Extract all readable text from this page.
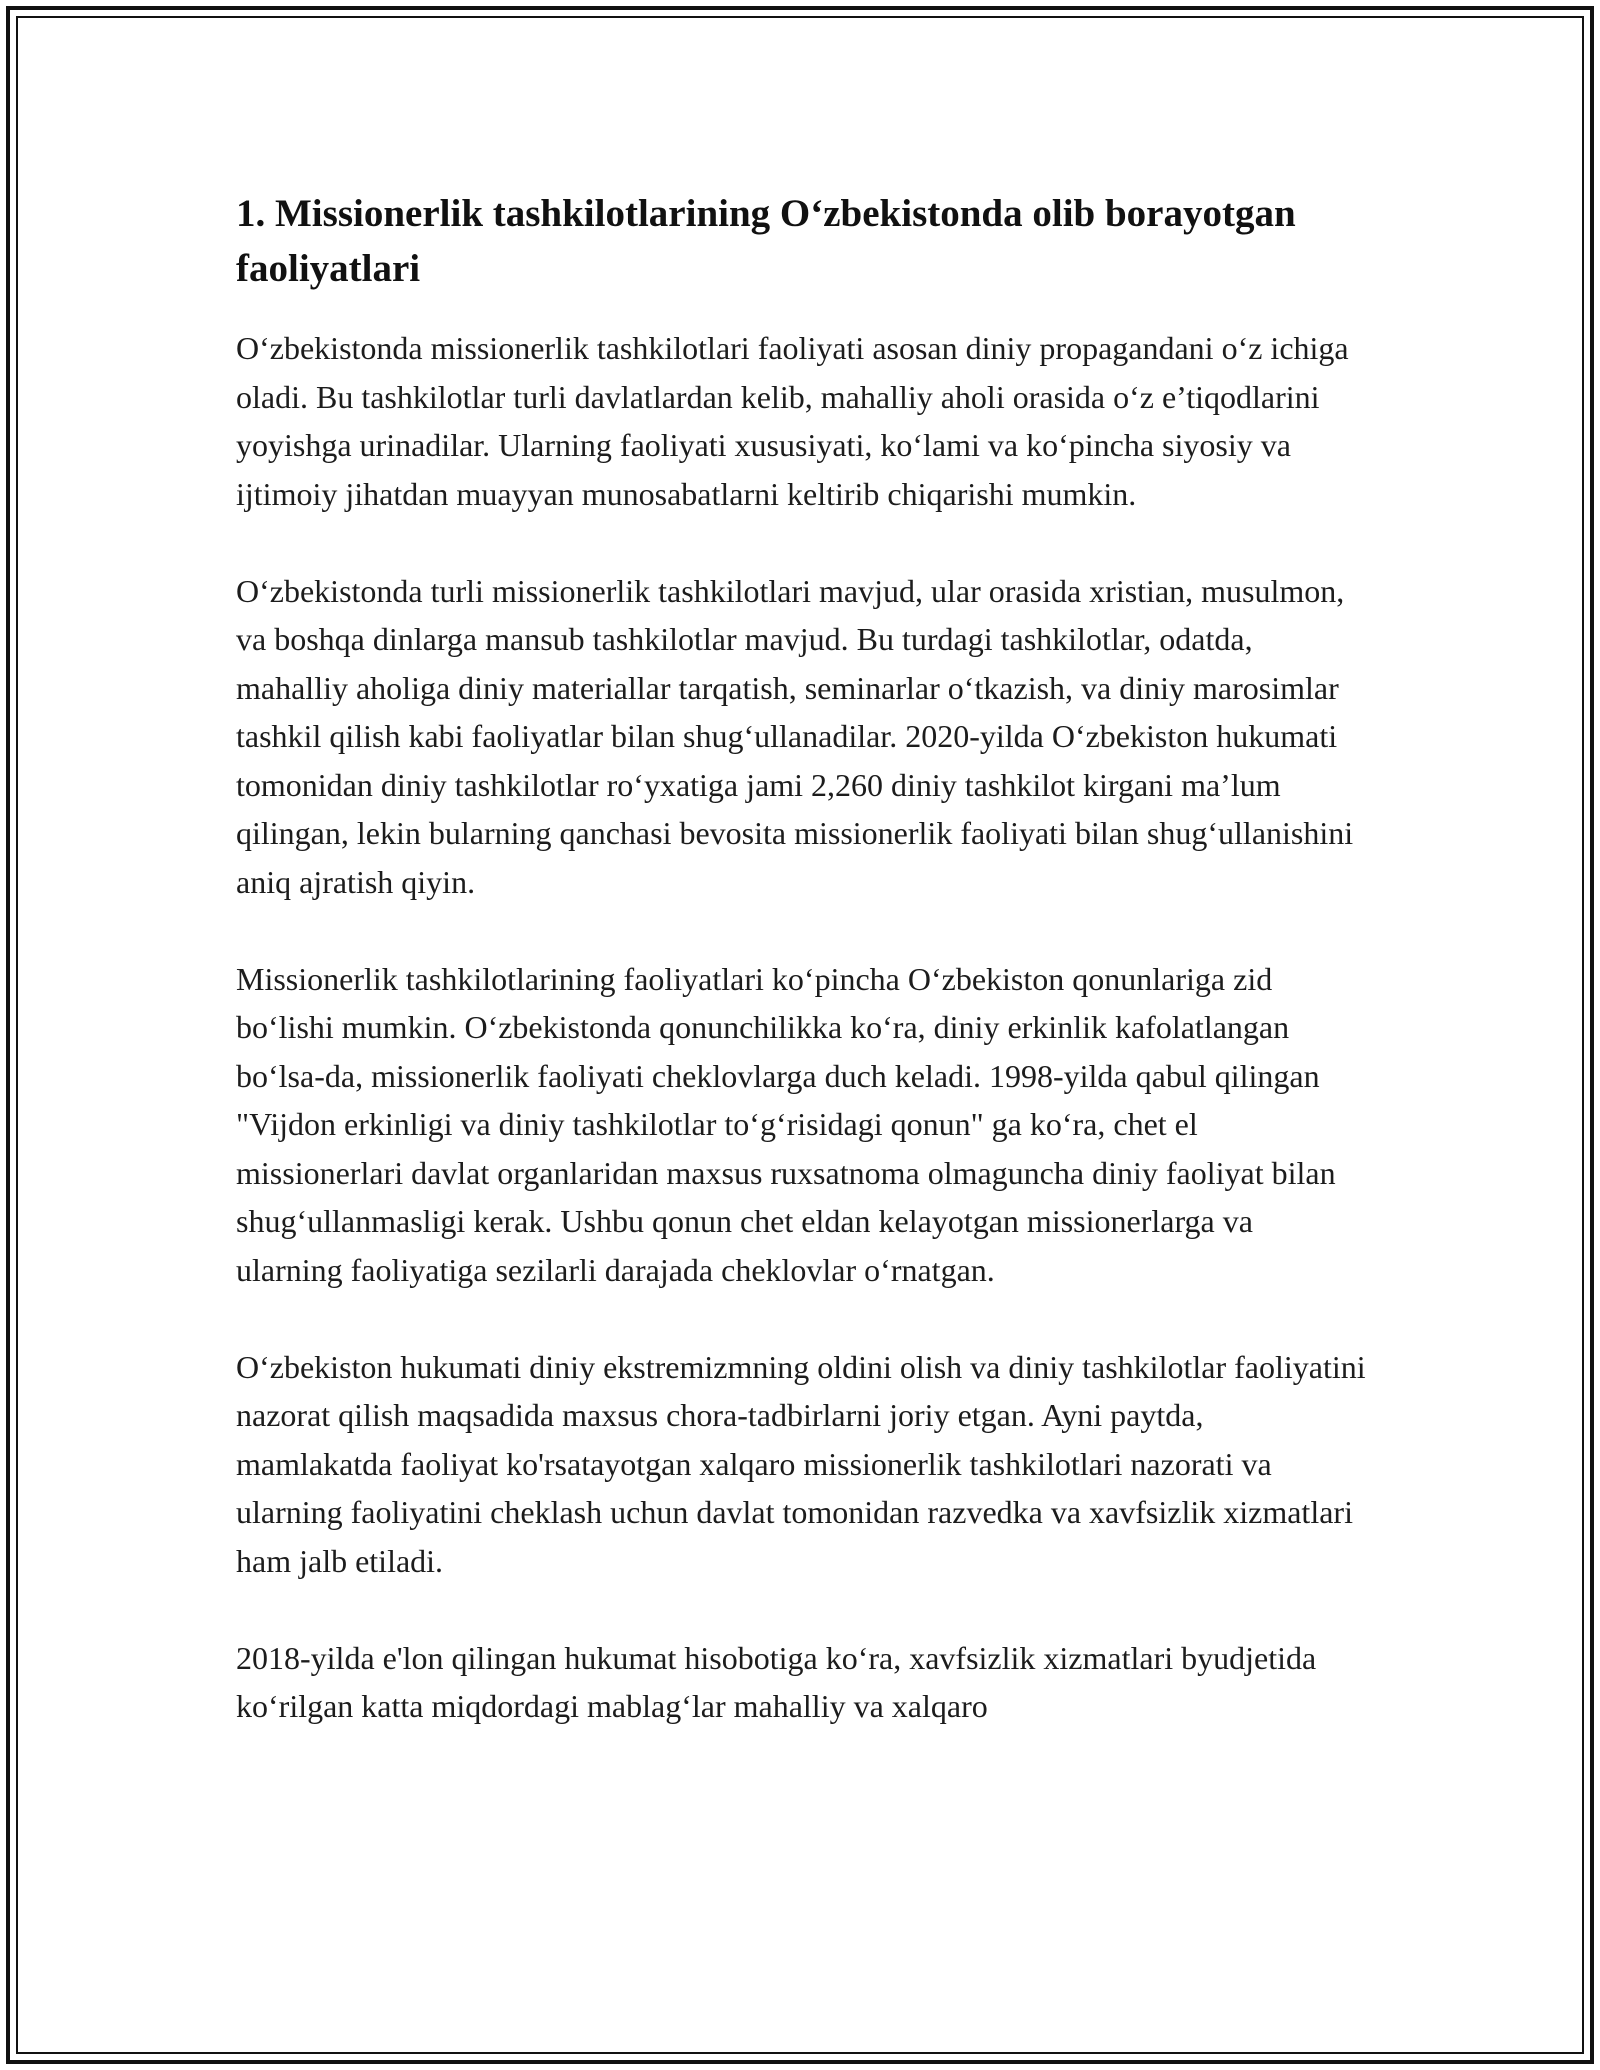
1. Missionerlik tashkilotlarining O‘zbekistonda olib borayotgan faoliyatlari

O‘zbekistonda missionerlik tashkilotlari faoliyati asosan diniy propagandani o‘z ichiga oladi. Bu tashkilotlar turli davlatlardan kelib, mahalliy aholi orasida o‘z e’tiqodlarini yoyishga urinadilar. Ularning faoliyati xususiyati, ko‘lami va ko‘pincha siyosiy va ijtimoiy jihatdan muayyan munosabatlarni keltirib chiqarishi mumkin.

O‘zbekistonda turli missionerlik tashkilotlari mavjud, ular orasida xristian, musulmon, va boshqa dinlarga mansub tashkilotlar mavjud. Bu turdagi tashkilotlar, odatda, mahalliy aholiga diniy materiallar tarqatish, seminarlar o‘tkazish, va diniy marosimlar tashkil qilish kabi faoliyatlar bilan shug‘ullanadilar. 2020-yilda O‘zbekiston hukumati tomonidan diniy tashkilotlar ro‘yxatiga jami 2,260 diniy tashkilot kirgani ma’lum qilingan, lekin bularning qanchasi bevosita missionerlik faoliyati bilan shug‘ullanishini aniq ajratish qiyin.

Missionerlik tashkilotlarining faoliyatlari ko‘pincha O‘zbekiston qonunlariga zid bo‘lishi mumkin. O‘zbekistonda qonunchilikka ko‘ra, diniy erkinlik kafolatlangan bo‘lsa-da, missionerlik faoliyati cheklovlarga duch keladi. 1998-yilda qabul qilingan "Vijdon erkinligi va diniy tashkilotlar to‘g‘risidagi qonun" ga ko‘ra, chet el missionerlari davlat organlaridan maxsus ruxsatnoma olmaguncha diniy faoliyat bilan shug‘ullanmasligi kerak. Ushbu qonun chet eldan kelayotgan missionerlarga va ularning faoliyatiga sezilarli darajada cheklovlar o‘rnatgan.

O‘zbekiston hukumati diniy ekstremizmning oldini olish va diniy tashkilotlar faoliyatini nazorat qilish maqsadida maxsus chora-tadbirlarni joriy etgan. Ayni paytda, mamlakatda faoliyat ko'rsatayotgan xalqaro missionerlik tashkilotlari nazorati va ularning faoliyatini cheklash uchun davlat tomonidan razvedka va xavfsizlik xizmatlari ham jalb etiladi.

2018-yilda e'lon qilingan hukumat hisobotiga ko‘ra, xavfsizlik xizmatlari byudjetida ko‘rilgan katta miqdordagi mablag‘lar mahalliy va xalqaro
